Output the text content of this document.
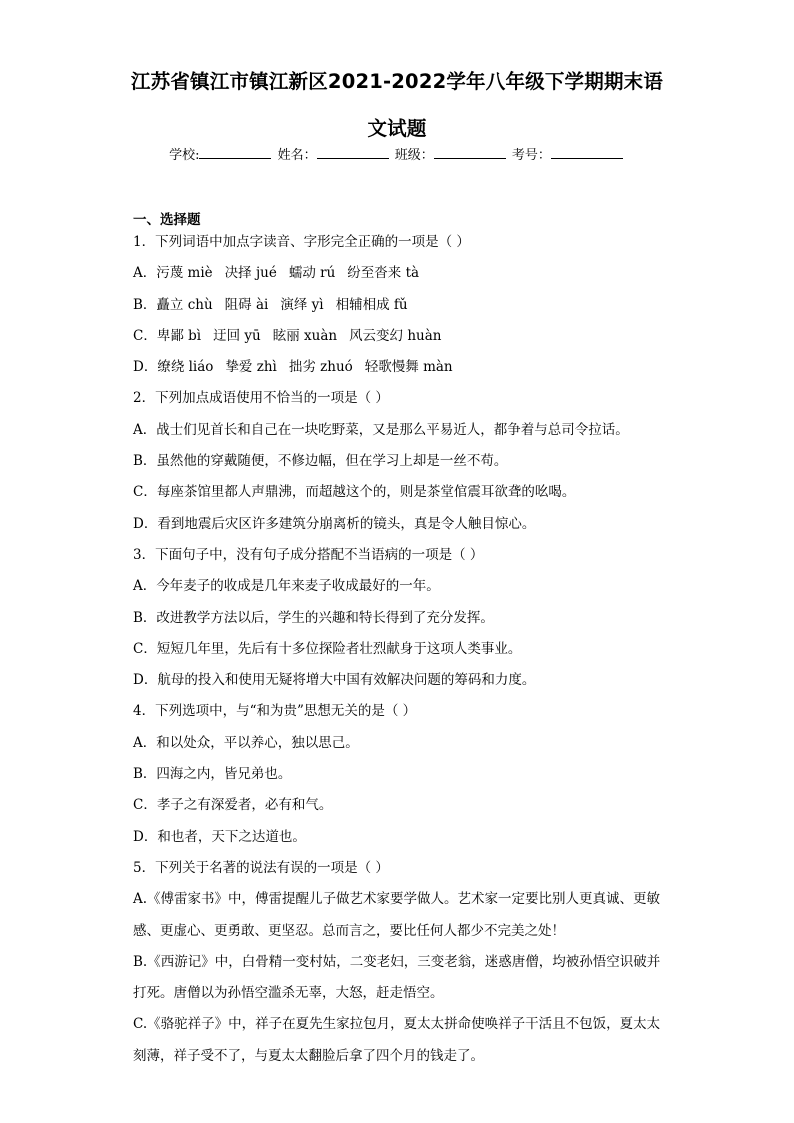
江苏省镇江市镇江新区2021-2022学年八年级下学期期末语
文试题
学校:	姓名：	班级：	考号：
一、选择题
1．下列词语中加点字读音、字形完全正确的一项是（ ）
A．污蔑 miè 决择 jué 蠕动 rú 纷至沓来 tà
B．矗立 chù 阻碍 ài 演绎 yì 相辅相成 fǔ
C．卑鄙 bì 迂回 yū 眩丽 xuàn 风云变幻 huàn
D．缭绕 liáo 挚爱 zhì 拙劣 zhuó 轻歌慢舞 màn
2．下列加点成语使用不恰当的一项是（ ）
A．战士们见首长和自己在一块吃野菜，又是那么平易近人，都争着与总司令拉话。
B．虽然他的穿戴随便，不修边幅，但在学习上却是一丝不苟。
C．每座茶馆里都人声鼎沸，而超越这个的，则是茶堂倌震耳欲聋的吆喝。
D．看到地震后灾区许多建筑分崩离析的镜头，真是令人触目惊心。
3．下面句子中，没有句子成分搭配不当语病的一项是（ ）
A．今年麦子的收成是几年来麦子收成最好的一年。
B．改进教学方法以后，学生的兴趣和特长得到了充分发挥。
C．短短几年里，先后有十多位探险者壮烈献身于这项人类事业。
D．航母的投入和使用无疑将增大中国有效解决问题的筹码和力度。
4．下列选项中，与“和为贵”思想无关的是（ ）
A．和以处众，平以养心，独以思己。
B．四海之内，皆兄弟也。
C．孝子之有深爱者，必有和气。
D．和也者，天下之达道也。
5．下列关于名著的说法有误的一项是（ ）
A.《傅雷家书》中，傅雷提醒儿子做艺术家要学做人。艺术家一定要比别人更真诚、更敏感、更虚心、更勇敢、更坚忍。总而言之，要比任何人都少不完美之处！
B.《西游记》中，白骨精一变村姑，二变老妇，三变老翁，迷惑唐僧，均被孙悟空识破并打死。唐僧以为孙悟空滥杀无辜，大怒，赶走悟空。
C.《骆驼祥子》中，祥子在夏先生家拉包月，夏太太拼命使唤祥子干活且不包饭，夏太太刻薄，祥子受不了，与夏太太翻脸后拿了四个月的钱走了。
